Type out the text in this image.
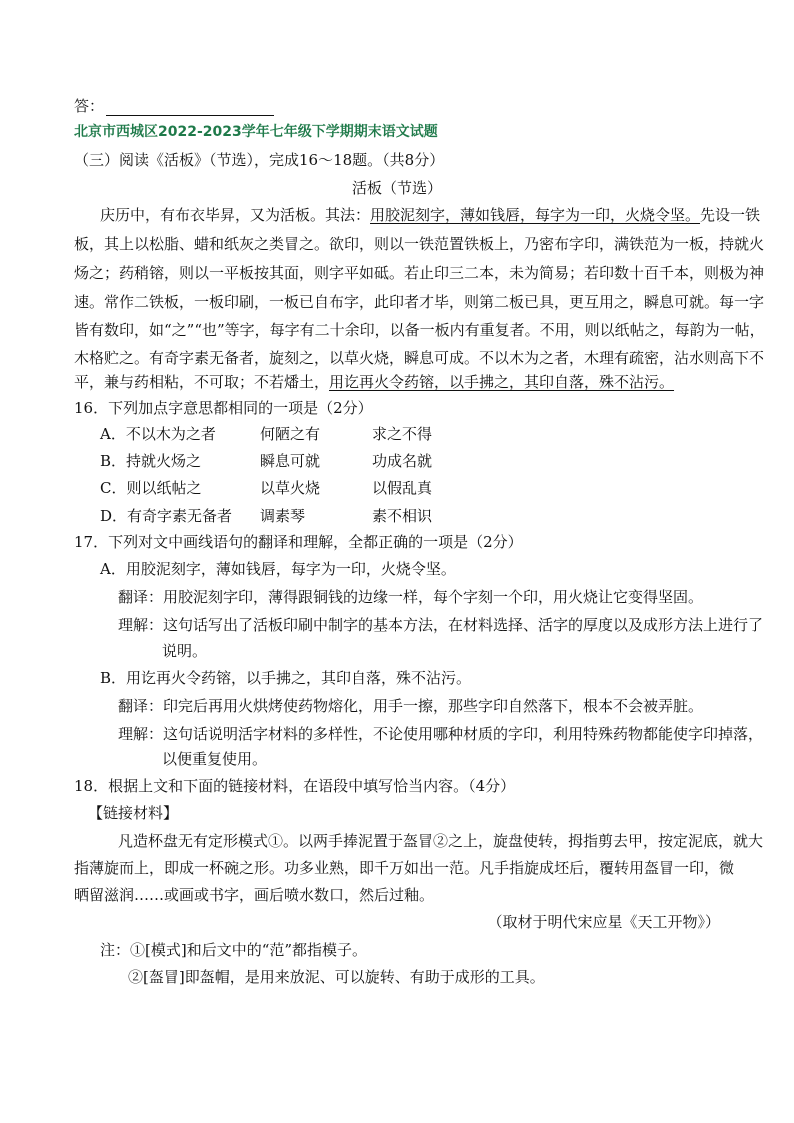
答：
北京市西城区2022-2023学年七年级下学期期末语文试题
（三）阅读《活板》（节选），完成16～18题。（共8分）
活板（节选）
庆历中，有布衣毕昇，又为活板。其法：用胶泥刻字，薄如钱唇，每字为一印，火烧令坚。先设一铁
板，其上以松脂、蜡和纸灰之类冒之。欲印，则以一铁范置铁板上，乃密布字印，满铁范为一板，持就火
炀之；药稍镕，则以一平板按其面，则字平如砥。若止印三二本，未为简易；若印数十百千本，则极为神
速。常作二铁板，一板印刷，一板已自布字，此印者才毕，则第二板已具，更互用之，瞬息可就。每一字
皆有数印，如“之”“也”等字，每字有二十余印，以备一板内有重复者。不用，则以纸帖之，每韵为一帖，
木格贮之。有奇字素无备者，旋刻之，以草火烧，瞬息可成。不以木为之者，木理有疏密，沾水则高下不
平，兼与药相粘，不可取；不若燔土，用讫再火令药镕，以手拂之，其印自落，殊不沾污。
16．下列加点字意思都相同的一项是（2分）
A．不以木为之者	何陋之有	求之不得
B．持就火炀之	瞬息可就	功成名就
C．则以纸帖之	以草火烧	以假乱真
D．有奇字素无备者 调素琴	素不相识
17．下列对文中画线语句的翻译和理解，全都正确的一项是（2分）
A．用胶泥刻字，薄如钱唇，每字为一印，火烧令坚。
翻译：用胶泥刻字印，薄得跟铜钱的边缘一样，每个字刻一个印，用火烧让它变得坚固。
理解：这句话写出了活板印刷中制字的基本方法，在材料选择、活字的厚度以及成形方法上进行了
说明。
B．用讫再火令药镕，以手拂之，其印自落，殊不沾污。
翻译：印完后再用火烘烤使药物熔化，用手一擦，那些字印自然落下，根本不会被弄脏。
理解：这句话说明活字材料的多样性，不论使用哪种材质的字印，利用特殊药物都能使字印掉落，
以便重复使用。
18．根据上文和下面的链接材料，在语段中填写恰当内容。（4分）
【链接材料】
凡造杯盘无有定形模式①。以两手捧泥置于盔冒②之上，旋盘使转，拇指剪去甲，按定泥底，就大
指薄旋而上，即成一杯碗之形。功多业熟，即千万如出一范。凡手指旋成坯后，覆转用盔冒一印，微
晒留滋润……或画或书字，画后喷水数口，然后过釉。
（取材于明代宋应星《天工开物》）
注：①[模式]和后文中的“范”都指模子。
②[盔冒]即盔帽，是用来放泥、可以旋转、有助于成形的工具。
